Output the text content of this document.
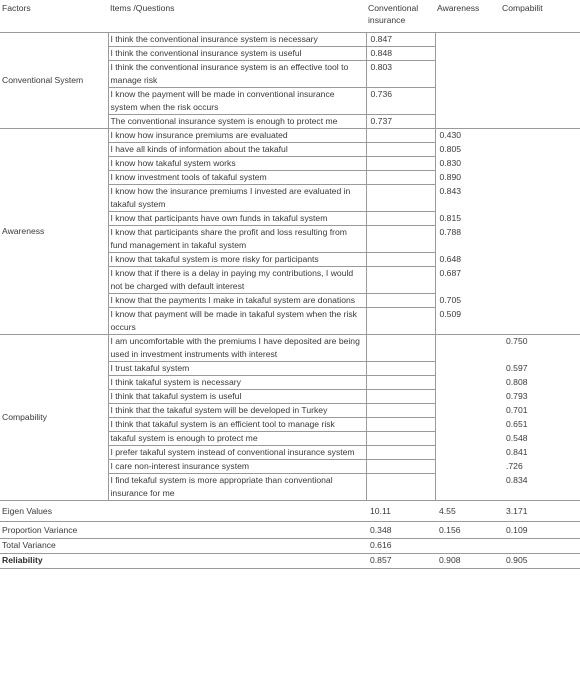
Factors	Items /Questions	Conventional insurance	Awareness	Compabilit
Conventional System	I think the conventional insurance system is necessary	0.847		
	I think the conventional insurance system is useful	0.848		
	I think the conventional insurance system is an effective tool to manage risk	0.803		
	I know the payment will be made in conventional insurance system when the risk occurs	0.736		
	The conventional insurance system is enough to protect me	0.737		
Awareness	I know how insurance premiums are evaluated		0.430	
	I have all kinds of information about the takaful		0.805	
	I know how takaful system works		0.830	
	I know investment tools of takaful system		0.890	
	I know how the insurance premiums I invested are evaluated in takaful system		0.843	
	I know that participants have own funds in takaful system		0.815	
	I know that participants share the profit and loss resulting from fund management in takaful system		0.788	
	I know that takaful system is more risky for participants		0.648	
	I know that if there is a delay in paying my contributions, I would not be charged with default interest		0.687	
	I know that the payments I make in takaful system are donations		0.705	
	I know that payment will be made in takaful system when the risk occurs		0.509	
Compability	I am uncomfortable with the premiums I have deposited are being used in investment instruments with interest			0.750
	I trust takaful system			0.597
	I think takaful system is necessary			0.808
	I think that takaful system is useful			0.793
	I think that the takaful system will be developed in Turkey			0.701
	I think that takaful system is an efficient tool to manage risk			0.651
	takaful system is enough to protect me			0.548
	I prefer takaful system instead of conventional insurance system			0.841
	I care non-interest insurance system			.726
	I find tekaful system is more appropriate than conventional insurance for me			0.834
Eigen Values		10.11	4.55	3.171
Proportion Variance		0.348	0.156	0.109
Total Variance		0.616		
Reliability		0.857	0.908	0.905
